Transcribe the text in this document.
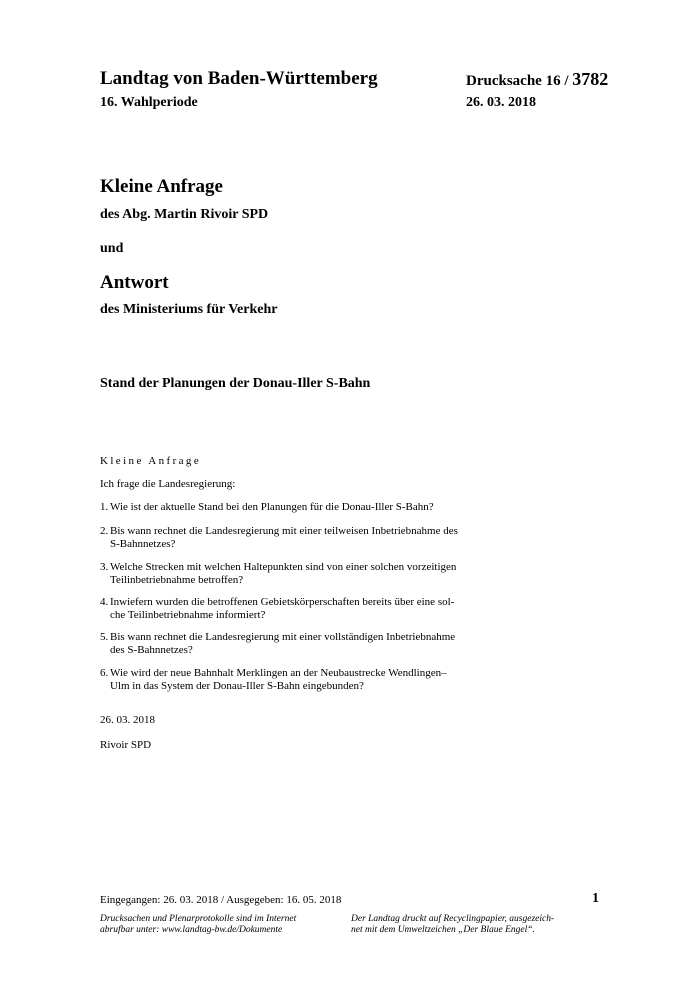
Landtag von Baden-Württemberg	Drucksache 16 / 3782
16. Wahlperiode	26. 03. 2018
Kleine Anfrage
des Abg. Martin Rivoir SPD
und
Antwort
des Ministeriums für Verkehr
Stand der Planungen der Donau-Iller S-Bahn
Kleine Anfrage
Ich frage die Landesregierung:
1. Wie ist der aktuelle Stand bei den Planungen für die Donau-Iller S-Bahn?
2. Bis wann rechnet die Landesregierung mit einer teilweisen Inbetriebnahme des
S-Bahnnetzes?
3. Welche Strecken mit welchen Haltepunkten sind von einer solchen vorzeitigen
Teilinbetriebnahme betroffen?
4. Inwiefern wurden die betroffenen Gebietskörperschaften bereits über eine sol-
che Teilinbetriebnahme informiert?
5. Bis wann rechnet die Landesregierung mit einer vollständigen Inbetriebnahme
des S-Bahnnetzes?
6. Wie wird der neue Bahnhalt Merklingen an der Neubaustrecke Wendlingen–
Ulm in das System der Donau-Iller S-Bahn eingebunden?
26. 03. 2018
Rivoir SPD
Eingegangen: 26. 03. 2018 / Ausgegeben: 16. 05. 2018	1
Drucksachen und Plenarprotokolle sind im Internet
abrufbar unter: www.landtag-bw.de/Dokumente
Der Landtag druckt auf Recyclingpapier, ausgezeich-
net mit dem Umweltzeichen „Der Blaue Engel“.
